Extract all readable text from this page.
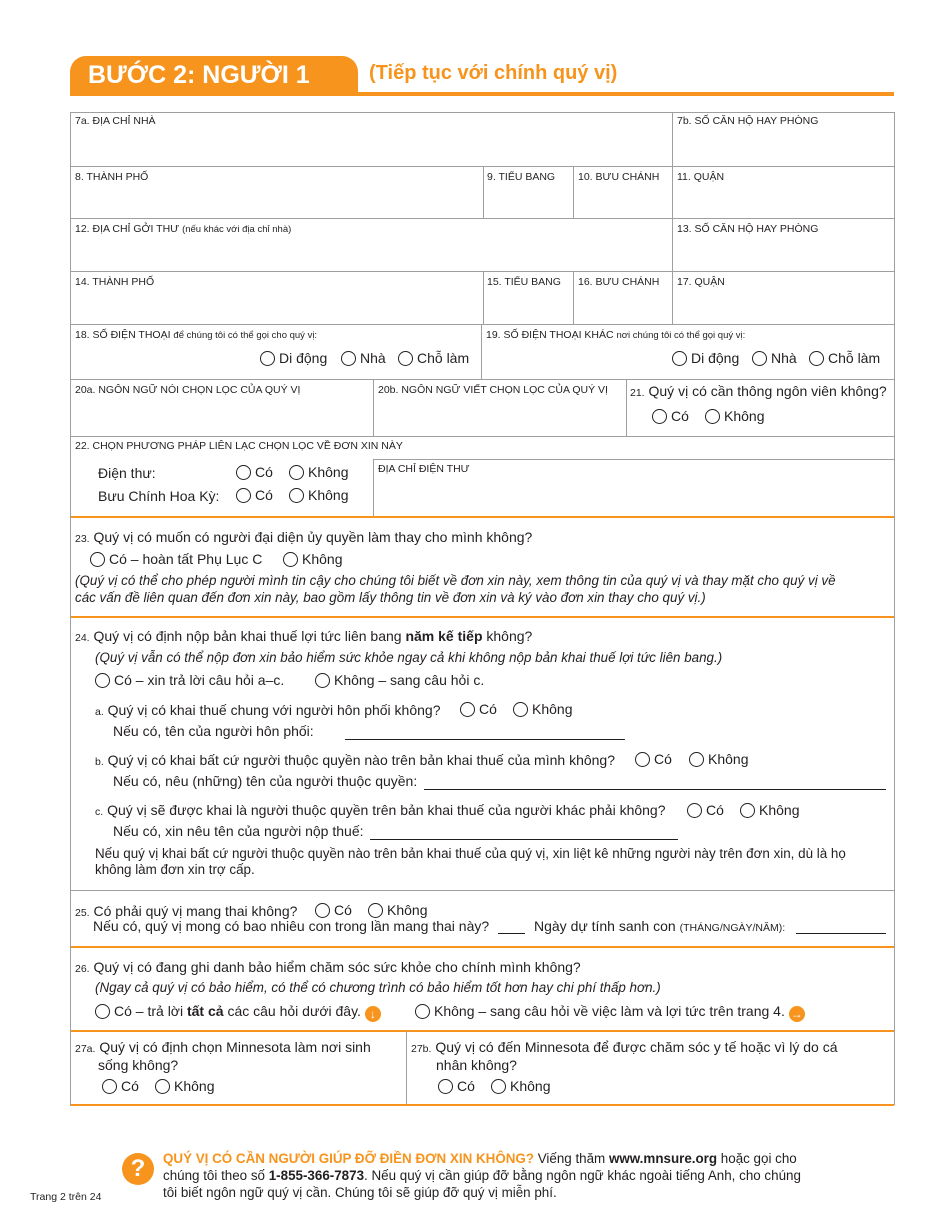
BƯỚC 2: NGƯỜI 1	(Tiếp tục với chính quý vị)
7a. ĐỊA CHỈ NHÀ	7b. SỐ CĂN HỘ HAY PHÒNG
8. THÀNH PHỐ	9. TIỂU BANG 10. BƯU CHÁNH 11. QUẬN
12. ĐỊA CHỈ GỞI THƯ (nếu khác với địa chỉ nhà)	13. SỐ CĂN HỘ HAY PHÒNG
14. THÀNH PHỐ	15. TIỂU BANG 16. BƯU CHÁNH 17. QUẬN
18. SỐ ĐIỆN THOẠI để chúng tôi có thể gọi cho quý vị:
Di động	Nhà	Chỗ làm
19. SỐ ĐIỆN THOẠI KHÁC nơi chúng tôi có thể gọi quý vị:
Di động	Nhà	Chỗ làm
20a. NGÔN NGỮ NÓI CHỌN LỌC CỦA QUÝ VỊ	20b. NGÔN NGỮ VIẾT CHỌN LỌC CỦA QUÝ VỊ 21. Quý vị có cần thông ngôn viên không?
Có	Không
22. CHỌN PHƯƠNG PHÁP LIÊN LẠC CHỌN LỌC VỀ ĐƠN XIN NÀY
Điện thư:	Có	Không
Bưu Chính Hoa Kỳ:	Có	Không
ĐỊA CHỈ ĐIỆN THƯ
23. Quý vị có muốn có người đại diện ủy quyền làm thay cho mình không?
Có – hoàn tất Phụ Lục C	Không
(Quý vị có thể cho phép người mình tin cậy cho chúng tôi biết về đơn xin này, xem thông tin của quý vị và thay mặt cho quý vị về
các vấn đề liên quan đến đơn xin này, bao gồm lấy thông tin về đơn xin và ký vào đơn xin thay cho quý vị.)
24. Quý vị có định nộp bản khai thuế lợi tức liên bang năm kế tiếp không?
(Quý vị vẫn có thể nộp đơn xin bảo hiểm sức khỏe ngay cả khi không nộp bản khai thuế lợi tức liên bang.)
Có – xin trả lời câu hỏi a–c.	Không – sang câu hỏi c.
a. Quý vị có khai thuế chung với người hôn phối không?	Có	Không
Nếu có, tên của người hôn phối:
b. Quý vị có khai bất cứ người thuộc quyền nào trên bản khai thuế của mình không?	Có	Không
Nếu có, nêu (những) tên của người thuộc quyền:
c. Quý vị sẽ được khai là người thuộc quyền trên bản khai thuế của người khác phải không?	Có	Không
Nếu có, xin nêu tên của người nộp thuế:
Nếu quý vị khai bất cứ người thuộc quyền nào trên bản khai thuế của quý vị, xin liệt kê những người này trên đơn xin, dù là họ
không làm đơn xin trợ cấp.
25. Có phải quý vị mang thai không?	Có	Không
Nếu có, quý vị mong có bao nhiêu con trong lần mang thai này?	Ngày dự tính sanh con (THÁNG/NGÀY/NĂM):
26. Quý vị có đang ghi danh bảo hiểm chăm sóc sức khỏe cho chính mình không?
(Ngay cả quý vị có bảo hiểm, có thể có chương trình có bảo hiểm tốt hơn hay chi phí thấp hơn.)
Có – trả lời tất cả các câu hỏi dưới đây. ↓	Không – sang câu hỏi về việc làm và lợi tức trên trang 4. →
27a. Quý vị có định chọn Minnesota làm nơi sinh
sống không?
Có	Không
27b. Quý vị có đến Minnesota để được chăm sóc y tế hoặc vì lý do cá
nhân không?
Có	Không
?	QUÝ VỊ CÓ CẦN NGƯỜI GIÚP ĐỠ ĐIỀN ĐƠN XIN KHÔNG? Viếng thăm www.mnsure.org hoặc gọi cho
chúng tôi theo số 1-855-366-7873. Nếu quý vị cần giúp đỡ bằng ngôn ngữ khác ngoài tiếng Anh, cho chúng
tôi biết ngôn ngữ quý vị cần. Chúng tôi sẽ giúp đỡ quý vị miễn phí.
Trang 2 trên 24
